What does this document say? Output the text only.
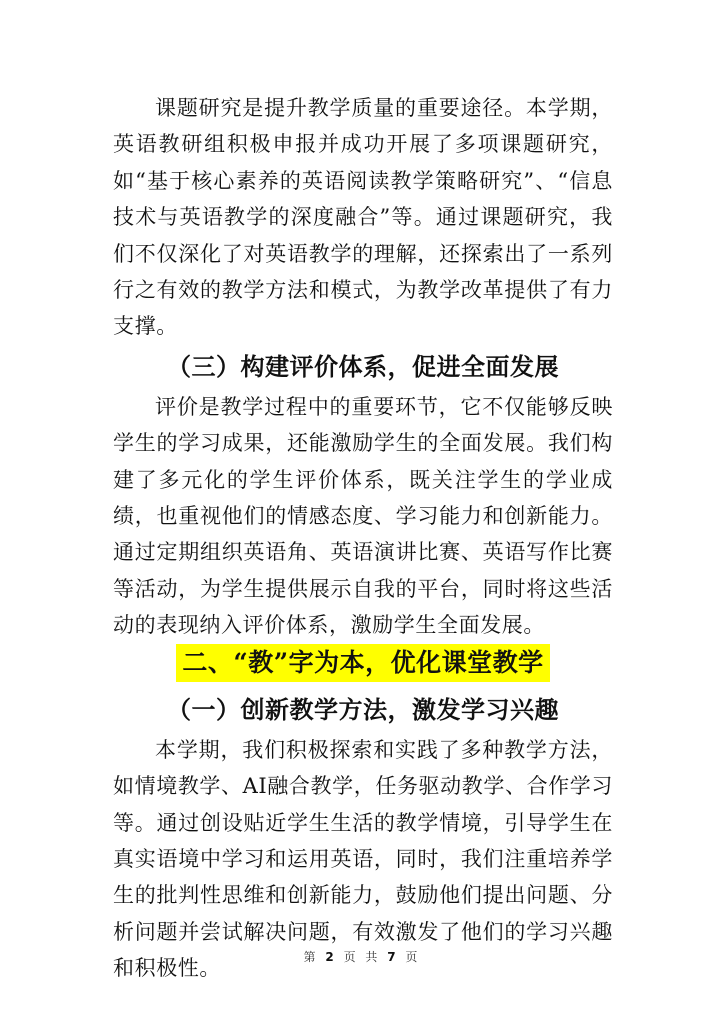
课题研究是提升教学质量的重要途径。本学期，英语教研组积极申报并成功开展了多项课题研究，如“基于核心素养的英语阅读教学策略研究”、“信息技术与英语教学的深度融合”等。通过课题研究，我们不仅深化了对英语教学的理解，还探索出了一系列行之有效的教学方法和模式，为教学改革提供了有力支撑。

（三）构建评价体系，促进全面发展

评价是教学过程中的重要环节，它不仅能够反映学生的学习成果，还能激励学生的全面发展。我们构建了多元化的学生评价体系，既关注学生的学业成绩，也重视他们的情感态度、学习能力和创新能力。通过定期组织英语角、英语演讲比赛、英语写作比赛等活动，为学生提供展示自我的平台，同时将这些活动的表现纳入评价体系，激励学生全面发展。

二、“教”字为本，优化课堂教学

（一）创新教学方法，激发学习兴趣

本学期，我们积极探索和实践了多种教学方法，如情境教学、AI融合教学，任务驱动教学、合作学习等。通过创设贴近学生生活的教学情境，引导学生在真实语境中学习和运用英语，同时，我们注重培养学生的批判性思维和创新能力，鼓励他们提出问题、分析问题并尝试解决问题，有效激发了他们的学习兴趣和积极性。	第 2 页 共 7 页
